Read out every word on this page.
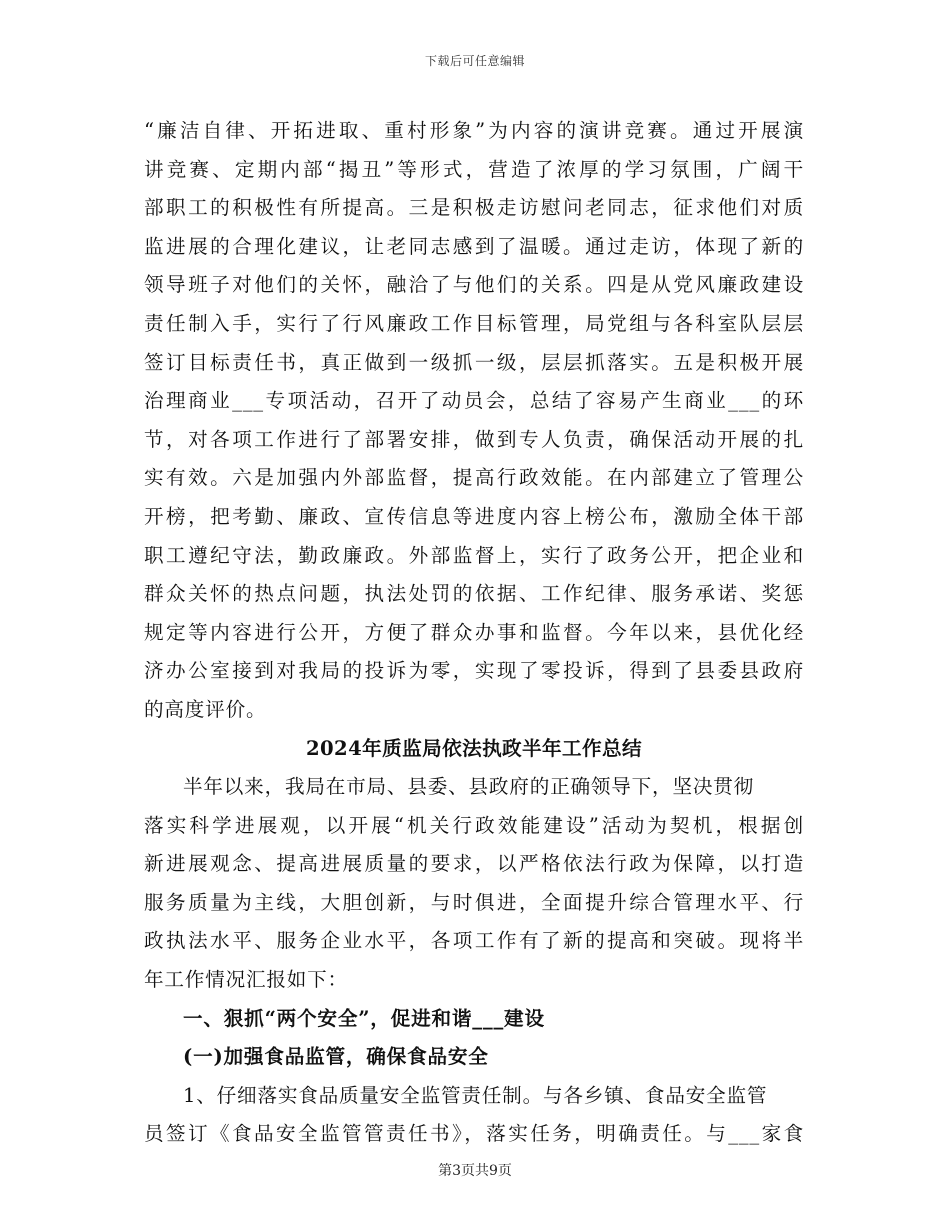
下载后可任意编辑
“廉洁自律、开拓进取、重村形象”为内容的演讲竞赛。通过开展演
讲竞赛、定期内部“揭丑”等形式，营造了浓厚的学习氛围，广阔干
部职工的积极性有所提高。三是积极走访慰问老同志，征求他们对质
监进展的合理化建议，让老同志感到了温暖。通过走访，体现了新的
领导班子对他们的关怀，融洽了与他们的关系。四是从党风廉政建设
责任制入手，实行了行风廉政工作目标管理，局党组与各科室队层层
签订目标责任书，真正做到一级抓一级，层层抓落实。五是积极开展
治理商业___专项活动，召开了动员会，总结了容易产生商业___的环
节，对各项工作进行了部署安排，做到专人负责，确保活动开展的扎
实有效。六是加强内外部监督，提高行政效能。在内部建立了管理公
开榜，把考勤、廉政、宣传信息等进度内容上榜公布，激励全体干部
职工遵纪守法，勤政廉政。外部监督上，实行了政务公开，把企业和
群众关怀的热点问题，执法处罚的依据、工作纪律、服务承诺、奖惩
规定等内容进行公开，方便了群众办事和监督。今年以来，县优化经
济办公室接到对我局的投诉为零，实现了零投诉，得到了县委县政府
的高度评价。
2024年质监局依法执政半年工作总结
半年以来，我局在市局、县委、县政府的正确领导下，坚决贯彻
落实科学进展观，以开展“机关行政效能建设”活动为契机，根据创
新进展观念、提高进展质量的要求，以严格依法行政为保障，以打造
服务质量为主线，大胆创新，与时俱进，全面提升综合管理水平、行
政执法水平、服务企业水平，各项工作有了新的提高和突破。现将半
年工作情况汇报如下：
一、狠抓“两个安全”，促进和谐___建设
(一)加强食品监管，确保食品安全
1、仔细落实食品质量安全监管责任制。与各乡镇、食品安全监管
员签订《食品安全监管管责任书》，落实任务，明确责任。与___家食
第3页共9页
